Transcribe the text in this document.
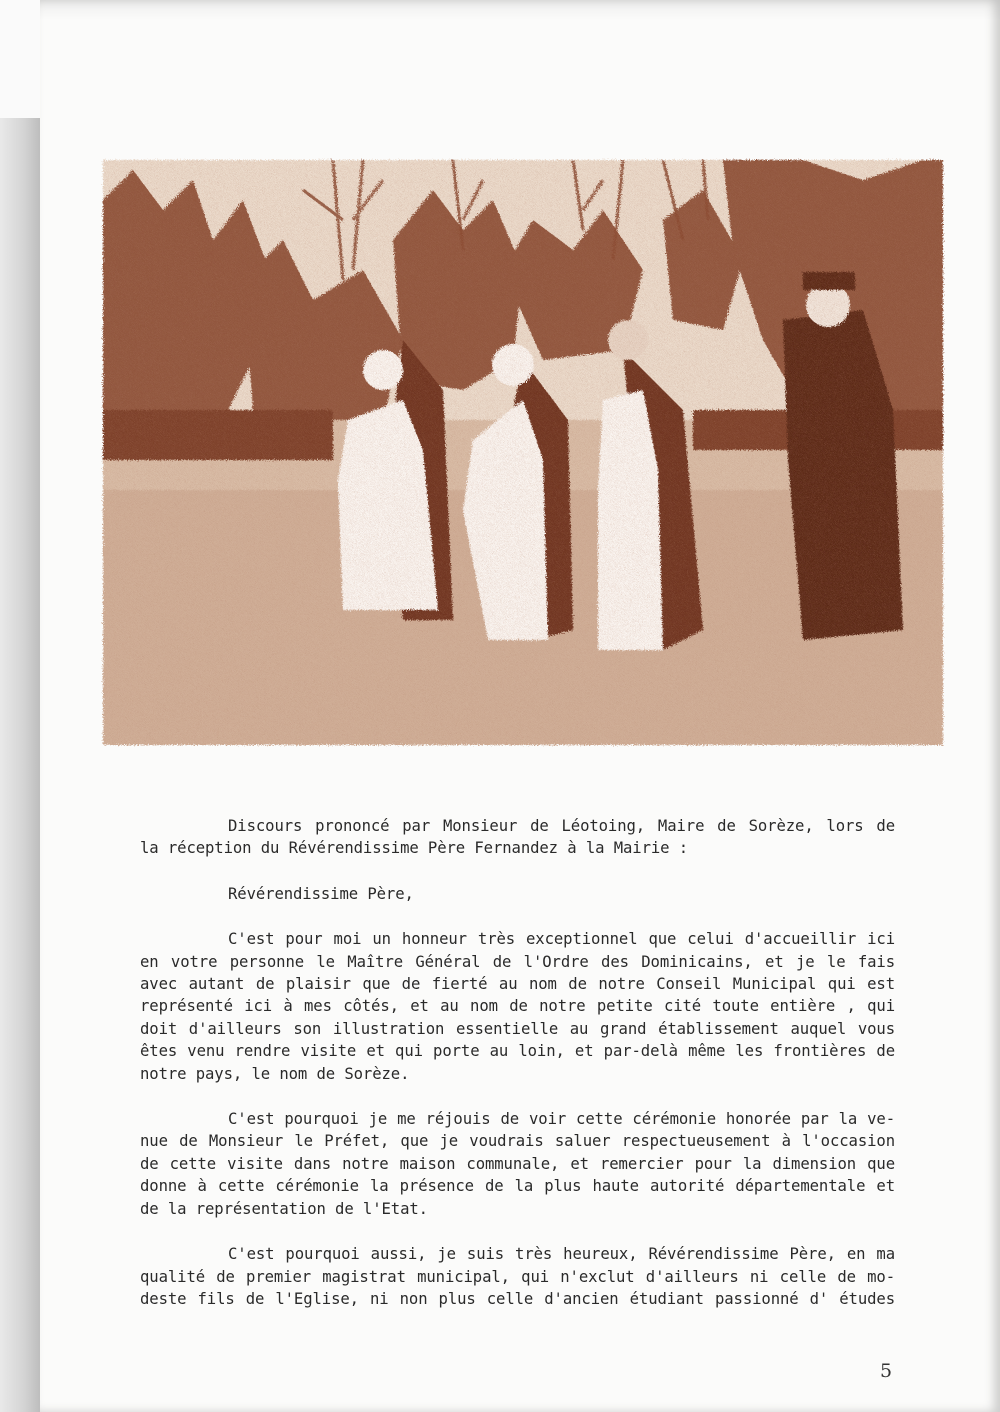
Discours prononcé par Monsieur de Léotoing, Maire de Sorèze, lors de
la réception du Révérendissime Père Fernandez à la Mairie :

Révérendissime Père,

C'est pour moi un honneur très exceptionnel que celui d'accueillir ici
en votre personne le Maître Général de l'Ordre des Dominicains, et je le fais
avec autant de plaisir que de fierté au nom de notre Conseil Municipal qui est
représenté ici à mes côtés, et au nom de notre petite cité toute entière , qui
doit d'ailleurs son illustration essentielle au grand établissement auquel vous
êtes venu rendre visite et qui porte au loin, et par-delà même les frontières de
notre pays, le nom de Sorèze.

C'est pourquoi je me réjouis de voir cette cérémonie honorée par la ve-
nue de Monsieur le Préfet, que je voudrais saluer respectueusement à l'occasion
de cette visite dans notre maison communale, et remercier pour la dimension que
donne à cette cérémonie la présence de la plus haute autorité départementale et
de la représentation de l'Etat.

C'est pourquoi aussi, je suis très heureux, Révérendissime Père, en ma
qualité de premier magistrat municipal, qui n'exclut d'ailleurs ni celle de mo-
deste fils de l'Eglise, ni non plus celle d'ancien étudiant passionné d' études

5
